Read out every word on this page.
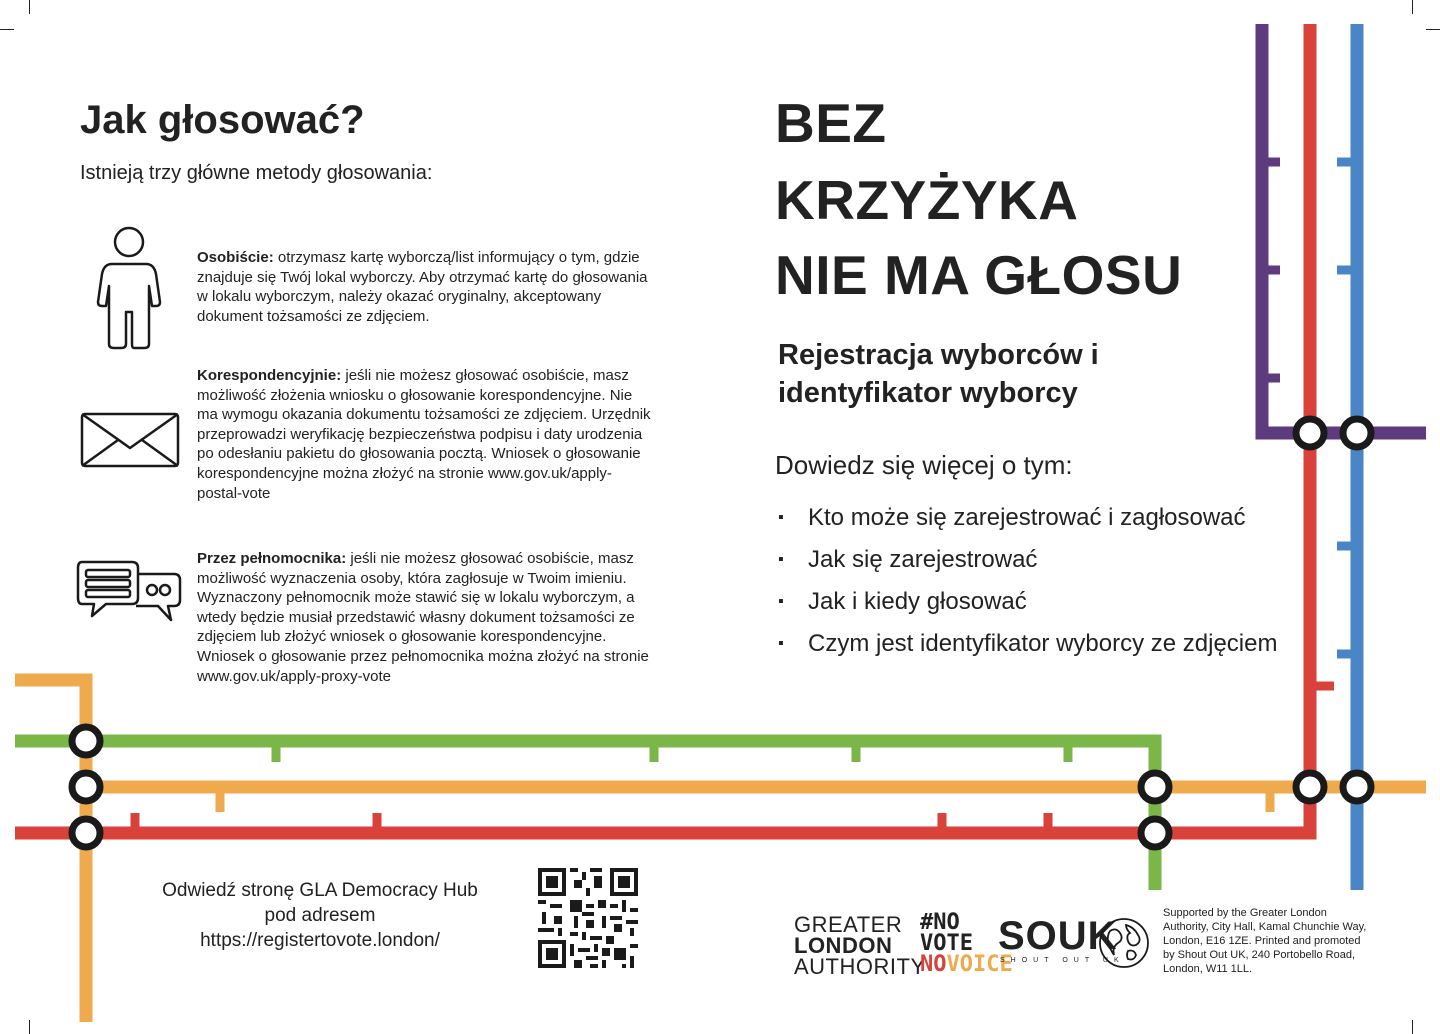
Jak głosować?
Istnieją trzy główne metody głosowania:
Osobiście: otrzymasz kartę wyborczą/list informujący o tym, gdzie znajduje się Twój lokal wyborczy. Aby otrzymać kartę do głosowania w lokalu wyborczym, należy okazać oryginalny, akceptowany dokument tożsamości ze zdjęciem.
Korespondencyjnie: jeśli nie możesz głosować osobiście, masz możliwość złożenia wniosku o głosowanie korespondencyjne. Nie ma wymogu okazania dokumentu tożsamości ze zdjęciem. Urzędnik przeprowadzi weryfikację bezpieczeństwa podpisu i daty urodzenia po odesłaniu pakietu do głosowania pocztą. Wniosek o głosowanie korespondencyjne można złożyć na stronie www.gov.uk/apply-postal-vote
Przez pełnomocnika: jeśli nie możesz głosować osobiście, masz możliwość wyznaczenia osoby, która zagłosuje w Twoim imieniu. Wyznaczony pełnomocnik może stawić się w lokalu wyborczym, a wtedy będzie musiał przedstawić własny dokument tożsamości ze zdjęciem lub złożyć wniosek o głosowanie korespondencyjne. Wniosek o głosowanie przez pełnomocnika można złożyć na stronie www.gov.uk/apply-proxy-vote
BEZ
KRZYŻYKA
NIE MA GŁOSU
Rejestracja wyborców i identyfikator wyborcy
Dowiedz się więcej o tym:
▪ Kto może się zarejestrować i zagłosować
▪ Jak się zarejestrować
▪ Jak i kiedy głosować
▪ Czym jest identyfikator wyborcy ze zdjęciem
Odwiedź stronę GLA Democracy Hub pod adresem https://registertovote.london/
GREATER
LONDON
AUTHORITY
#NO
VOTE
NOVOICE
SOUK
SHOUT OUT UK
Supported by the Greater London Authority, City Hall, Kamal Chunchie Way, London, E16 1ZE. Printed and promoted by Shout Out UK, 240 Portobello Road, London, W11 1LL.
